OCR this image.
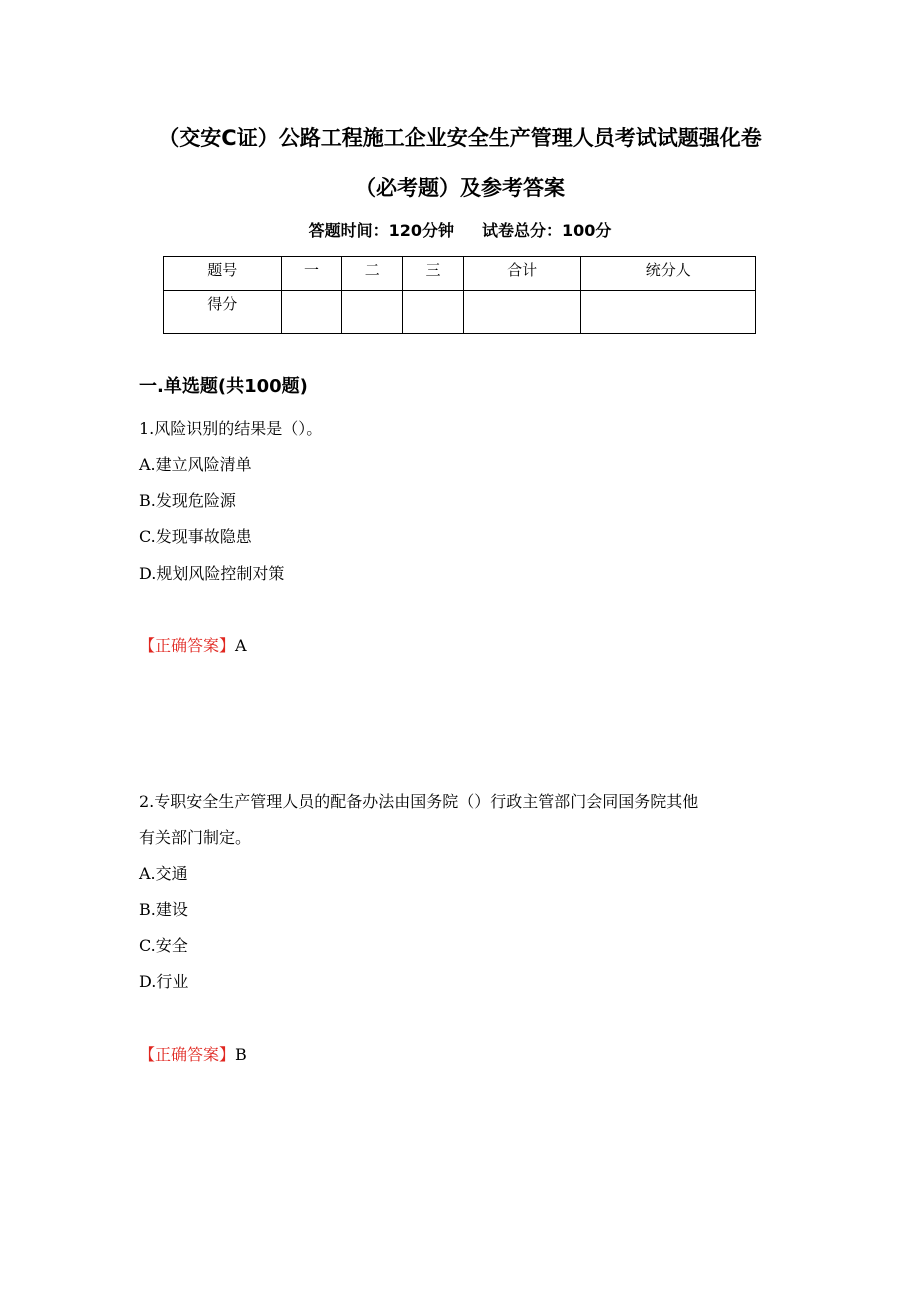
（交安C证）公路工程施工企业安全生产管理人员考试试题强化卷
（必考题）及参考答案
答题时间：120分钟 试卷总分：100分
题号	一	二	三	合计	统分人
得分					
一.单选题(共100题)
1.风险识别的结果是（）。
A.建立风险清单
B.发现危险源
C.发现事故隐患
D.规划风险控制对策
【正确答案】A
2.专职安全生产管理人员的配备办法由国务院（）行政主管部门会同国务院其他
有关部门制定。
A.交通
B.建设
C.安全
D.行业
【正确答案】B
